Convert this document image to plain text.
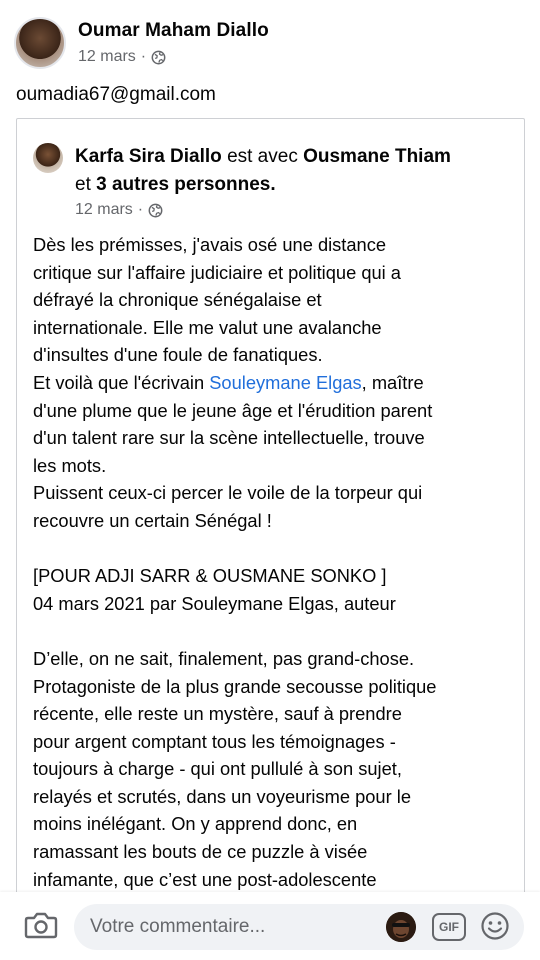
Oumar Maham Diallo
12 mars ·
oumadia67@gmail.com
Karfa Sira Diallo est avec Ousmane Thiam
et 3 autres personnes.
12 mars ·

Dès les prémisses, j'avais osé une distance

critique sur l'affaire judiciaire et politique qui a

défrayé la chronique sénégalaise et

internationale. Elle me valut une avalanche

d'insultes d'une foule de fanatiques.

Et voilà que l'écrivain Souleymane Elgas, maître

d'une plume que le jeune âge et l'érudition parent

d'un talent rare sur la scène intellectuelle, trouve

les mots.

Puissent ceux-ci percer le voile de la torpeur qui

recouvre un certain Sénégal !

[POUR ADJI SARR & OUSMANE SONKO ]

04 mars 2021 par Souleymane Elgas, auteur

D’elle, on ne sait, finalement, pas grand-chose.

Protagoniste de la plus grande secousse politique

récente, elle reste un mystère, sauf à prendre

pour argent comptant tous les témoignages -

toujours à charge - qui ont pullulé à son sujet,

relayés et scrutés, dans un voyeurisme pour le

moins inélégant. On y apprend donc, en

ramassant les bouts de ce puzzle à visée

infamante, que c’est une post-adolescente

Votre commentaire...
GIF
